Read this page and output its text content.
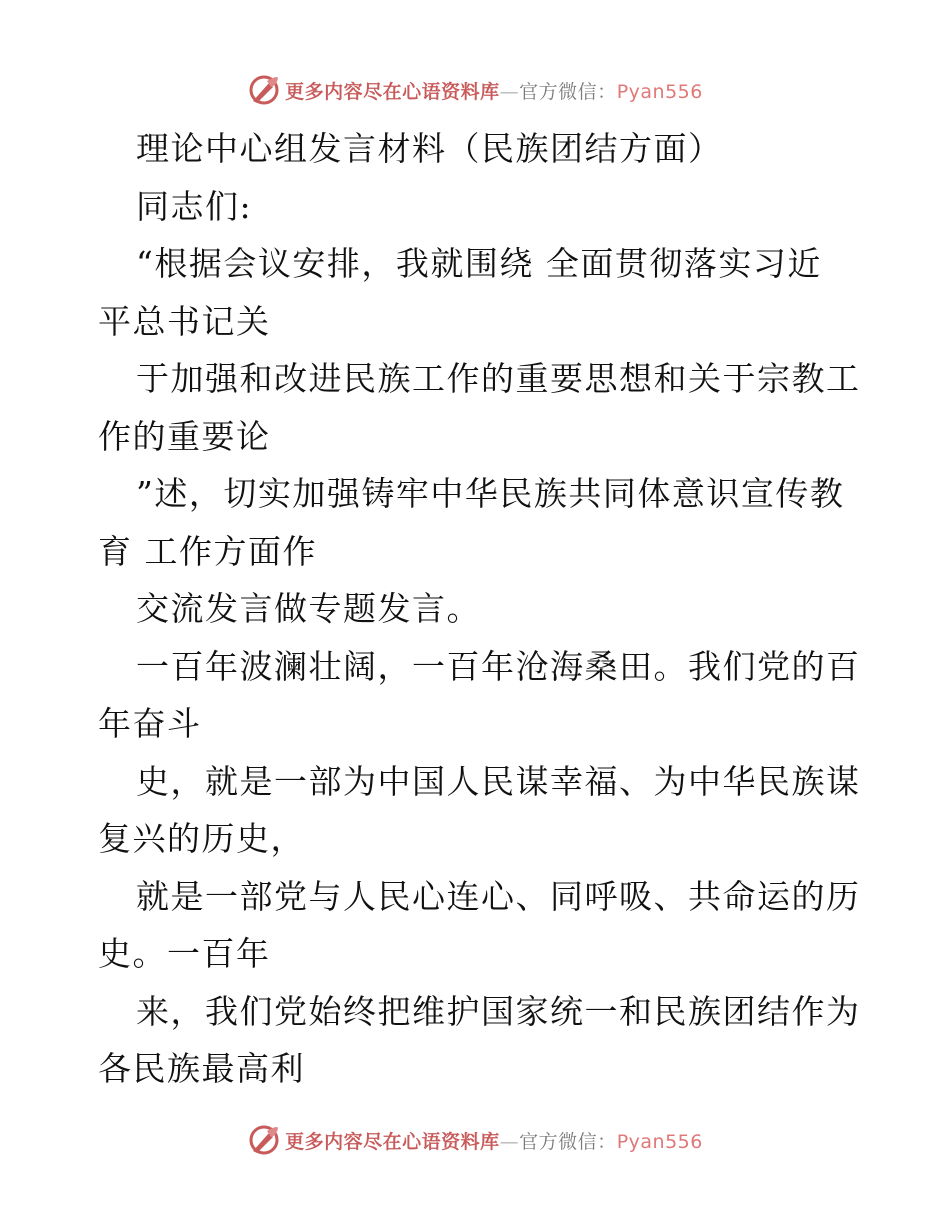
更多内容尽在心语资料库—官方微信：Pyan556
理论中心组发言材料（民族团结方面）
同志们:
“根据会议安排，我就围绕 全面贯彻落实习近
平总书记关
于加强和改进民族工作的重要思想和关于宗教工
作的重要论
”述，切实加强铸牢中华民族共同体意识宣传教
育 工作方面作
交流发言做专题发言。
一百年波澜壮阔，一百年沧海桑田。我们党的百
年奋斗
史，就是一部为中国人民谋幸福、为中华民族谋
复兴的历史，
就是一部党与人民心连心、同呼吸、共命运的历
史。一百年
来，我们党始终把维护国家统一和民族团结作为
各民族最高利
更多内容尽在心语资料库—官方微信：Pyan556
